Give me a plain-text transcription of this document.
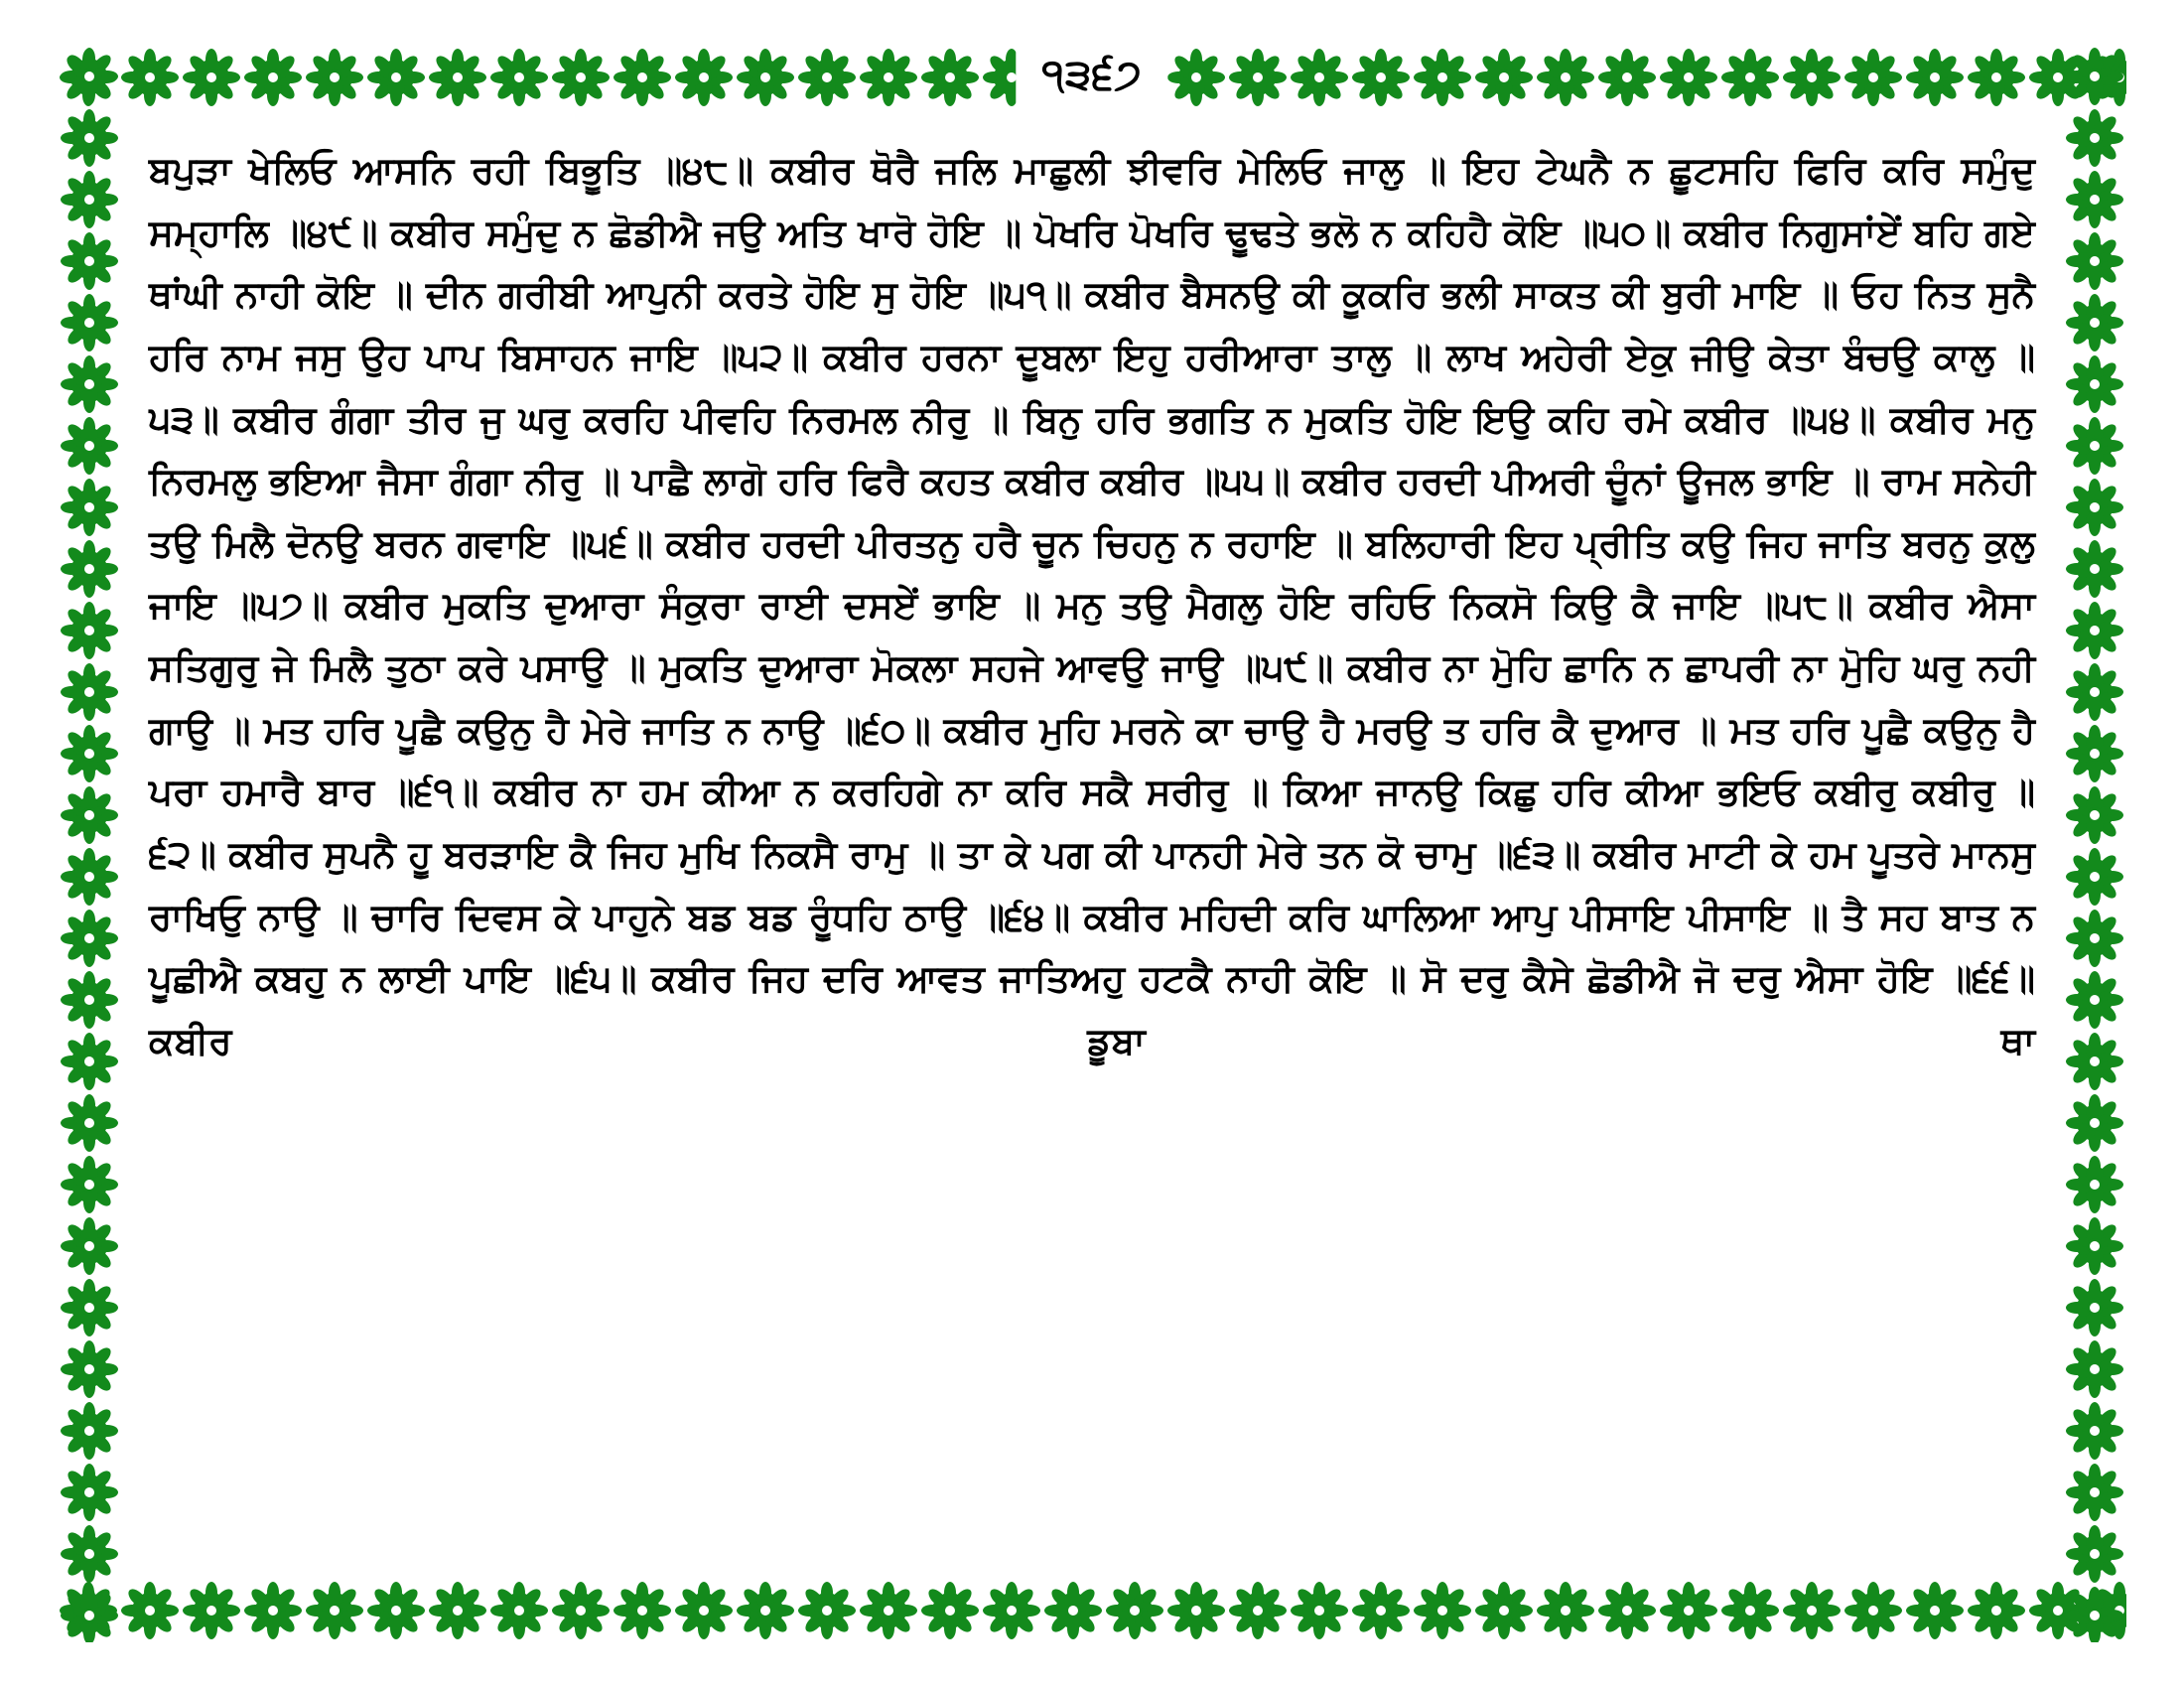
੧੩੬੭
ਬਪੁੜਾ ਖੇਲਿਓ ਆਸਨਿ ਰਹੀ ਬਿਭੂਤਿ ॥੪੮॥ ਕਬੀਰ ਥੋਰੈ ਜਲਿ ਮਾਛੁਲੀ ਝੀਵਰਿ ਮੇਲਿਓ ਜਾਲੁ ॥ ਇਹ ਟੇਘਨੈ ਨ ਛੂਟਸਹਿ ਫਿਰਿ ਕਰਿ ਸਮੁੰਦੁ ਸਮ੍ਹਾਲਿ ॥੪੯॥ ਕਬੀਰ ਸਮੁੰਦੁ ਨ ਛੋਡੀਐ ਜਉ ਅਤਿ ਖਾਰੋ ਹੋਇ ॥ ਪੋਖਰਿ ਪੋਖਰਿ ਢੂਢਤੇ ਭਲੋ ਨ ਕਹਿਹੈ ਕੋਇ ॥੫੦॥ ਕਬੀਰ ਨਿਗੁਸਾਂਏਂ ਬਹਿ ਗਏ ਥਾਂਘੀ ਨਾਹੀ ਕੋਇ ॥ ਦੀਨ ਗਰੀਬੀ ਆਪੁਨੀ ਕਰਤੇ ਹੋਇ ਸੁ ਹੋਇ ॥੫੧॥ ਕਬੀਰ ਬੈਸਨਉ ਕੀ ਕੂਕਰਿ ਭਲੀ ਸਾਕਤ ਕੀ ਬੁਰੀ ਮਾਇ ॥ ਓਹ ਨਿਤ ਸੁਨੈ ਹਰਿ ਨਾਮ ਜਸੁ ਉਹ ਪਾਪ ਬਿਸਾਹਨ ਜਾਇ ॥੫੨॥ ਕਬੀਰ ਹਰਨਾ ਦੂਬਲਾ ਇਹੁ ਹਰੀਆਰਾ ਤਾਲੁ ॥ ਲਾਖ ਅਹੇਰੀ ਏਕੁ ਜੀਉ ਕੇਤਾ ਬੰਚਉ ਕਾਲੁ ॥੫੩॥ ਕਬੀਰ ਗੰਗਾ ਤੀਰ ਜੁ ਘਰੁ ਕਰਹਿ ਪੀਵਹਿ ਨਿਰਮਲ ਨੀਰੁ ॥ ਬਿਨੁ ਹਰਿ ਭਗਤਿ ਨ ਮੁਕਤਿ ਹੋਇ ਇਉ ਕਹਿ ਰਮੇ ਕਬੀਰ ॥੫੪॥ ਕਬੀਰ ਮਨੁ ਨਿਰਮਲੁ ਭਇਆ ਜੈਸਾ ਗੰਗਾ ਨੀਰੁ ॥ ਪਾਛੈ ਲਾਗੋ ਹਰਿ ਫਿਰੈ ਕਹਤ ਕਬੀਰ ਕਬੀਰ ॥੫੫॥ ਕਬੀਰ ਹਰਦੀ ਪੀਅਰੀ ਚੂੰਨਾਂ ਊਜਲ ਭਾਇ ॥ ਰਾਮ ਸਨੇਹੀ ਤਉ ਮਿਲੈ ਦੋਨਉ ਬਰਨ ਗਵਾਇ ॥੫੬॥ ਕਬੀਰ ਹਰਦੀ ਪੀਰਤਨੁ ਹਰੈ ਚੂਨ ਚਿਹਨੁ ਨ ਰਹਾਇ ॥ ਬਲਿਹਾਰੀ ਇਹ ਪ੍ਰੀਤਿ ਕਉ ਜਿਹ ਜਾਤਿ ਬਰਨੁ ਕੁਲੁ ਜਾਇ ॥੫੭॥ ਕਬੀਰ ਮੁਕਤਿ ਦੁਆਰਾ ਸੰਕੁਰਾ ਰਾਈ ਦਸਏਂ ਭਾਇ ॥ ਮਨੁ ਤਉ ਮੈਗਲੁ ਹੋਇ ਰਹਿਓ ਨਿਕਸੋ ਕਿਉ ਕੈ ਜਾਇ ॥੫੮॥ ਕਬੀਰ ਐਸਾ ਸਤਿਗੁਰੁ ਜੇ ਮਿਲੈ ਤੁਠਾ ਕਰੇ ਪਸਾਉ ॥ ਮੁਕਤਿ ਦੁਆਰਾ ਮੋਕਲਾ ਸਹਜੇ ਆਵਉ ਜਾਉ ॥੫੯॥ ਕਬੀਰ ਨਾ ਮੋੁਹਿ ਛਾਨਿ ਨ ਛਾਪਰੀ ਨਾ ਮੋੁਹਿ ਘਰੁ ਨਹੀ ਗਾਉ ॥ ਮਤ ਹਰਿ ਪੂਛੈ ਕਉਨੁ ਹੈ ਮੇਰੇ ਜਾਤਿ ਨ ਨਾਉ ॥੬੦॥ ਕਬੀਰ ਮੁਹਿ ਮਰਨੇ ਕਾ ਚਾਉ ਹੈ ਮਰਉ ਤ ਹਰਿ ਕੈ ਦੁਆਰ ॥ ਮਤ ਹਰਿ ਪੂਛੈ ਕਉਨੁ ਹੈ ਪਰਾ ਹਮਾਰੈ ਬਾਰ ॥੬੧॥ ਕਬੀਰ ਨਾ ਹਮ ਕੀਆ ਨ ਕਰਹਿਗੇ ਨਾ ਕਰਿ ਸਕੈ ਸਰੀਰੁ ॥ ਕਿਆ ਜਾਨਉ ਕਿਛੁ ਹਰਿ ਕੀਆ ਭਇਓ ਕਬੀਰੁ ਕਬੀਰੁ ॥੬੨॥ ਕਬੀਰ ਸੁਪਨੈ ਹੂ ਬਰੜਾਇ ਕੈ ਜਿਹ ਮੁਖਿ ਨਿਕਸੈ ਰਾਮੁ ॥ ਤਾ ਕੇ ਪਗ ਕੀ ਪਾਨਹੀ ਮੇਰੇ ਤਨ ਕੋ ਚਾਮੁ ॥੬੩॥ ਕਬੀਰ ਮਾਟੀ ਕੇ ਹਮ ਪੂਤਰੇ ਮਾਨਸੁ ਰਾਖਿਓੁ ਨਾਉ ॥ ਚਾਰਿ ਦਿਵਸ ਕੇ ਪਾਹੁਨੇ ਬਡ ਬਡ ਰੂੰਧਹਿ ਠਾਉ ॥੬੪॥ ਕਬੀਰ ਮਹਿਦੀ ਕਰਿ ਘਾਲਿਆ ਆਪੁ ਪੀਸਾਇ ਪੀਸਾਇ ॥ ਤੈ ਸਹ ਬਾਤ ਨ ਪੂਛੀਐ ਕਬਹੁ ਨ ਲਾਈ ਪਾਇ ॥੬੫॥ ਕਬੀਰ ਜਿਹ ਦਰਿ ਆਵਤ ਜਾਤਿਅਹੁ ਹਟਕੈ ਨਾਹੀ ਕੋਇ ॥ ਸੋ ਦਰੁ ਕੈਸੇ ਛੋਡੀਐ ਜੋ ਦਰੁ ਐਸਾ ਹੋਇ ॥੬੬॥ ਕਬੀਰ ਡੂਬਾ ਥਾ
